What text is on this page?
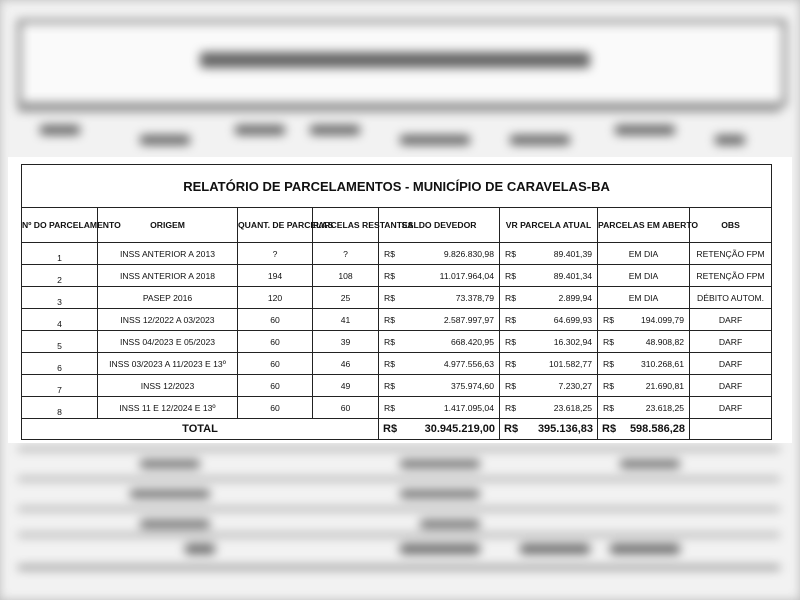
RELATÓRIO DE PARCELAMENTOS - MUNICÍPIO DE CARAVELAS-BA							
Nº DO PARCELAMENTO	ORIGEM	QUANT. DE PARCELAS	PARCELAS RESTANTES	SALDO DEVEDOR	VR PARCELA ATUAL	PARCELAS EM ABERTO	OBS
1	INSS ANTERIOR A 2013	?	?	R$ 9.826.830,98	R$ 89.401,39	EM DIA	RETENÇÃO FPM
2	INSS ANTERIOR A 2018	194	108	R$ 11.017.964,04	R$ 89.401,34	EM DIA	RETENÇÃO FPM
3	PASEP 2016	120	25	R$ 73.378,79	R$ 2.899,94	EM DIA	DÉBITO AUTOM.
4	INSS 12/2022 A 03/2023	60	41	R$ 2.587.997,97	R$ 64.699,93	R$ 194.099,79	DARF
5	INSS 04/2023 E 05/2023	60	39	R$ 668.420,95	R$ 16.302,94	R$ 48.908,82	DARF
6	INSS 03/2023 A 11/2023 E 13º	60	46	R$ 4.977.556,63	R$ 101.582,77	R$ 310.268,61	DARF
7	INSS 12/2023	60	49	R$ 375.974,60	R$ 7.230,27	R$ 21.690,81	DARF
8	INSS 11 E 12/2024 E 13º	60	60	R$ 1.417.095,04	R$ 23.618,25	R$ 23.618,25	DARF
TOTAL				R$ 30.945.219,00	R$ 395.136,83	R$ 598.586,28	
